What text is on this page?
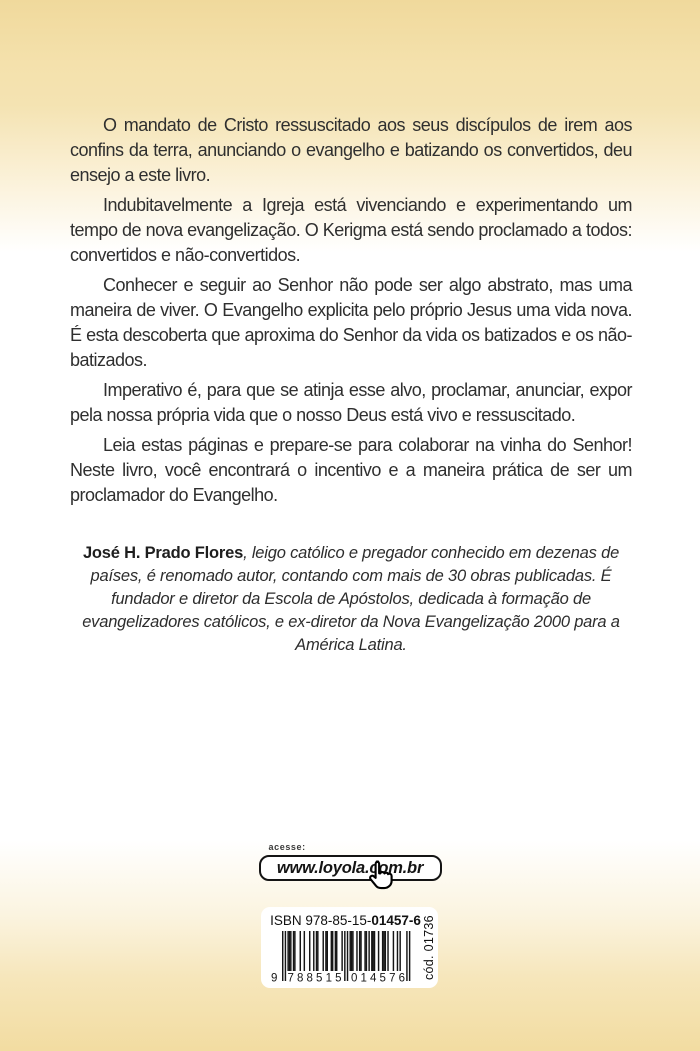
O mandato de Cristo ressuscitado aos seus discípulos de irem aos confins da terra, anunciando o evangelho e batizando os convertidos, deu ensejo a este livro.

Indubitavelmente a Igreja está vivenciando e experimentando um tempo de nova evangelização. O Kerigma está sendo proclamado a todos: convertidos e não-convertidos.

Conhecer e seguir ao Senhor não pode ser algo abstrato, mas uma maneira de viver. O Evangelho explicita pelo próprio Jesus uma vida nova. É esta descoberta que aproxima do Senhor da vida os batizados e os não-batizados.

Imperativo é, para que se atinja esse alvo, proclamar, anunciar, expor pela nossa própria vida que o nosso Deus está vivo e ressuscitado.

Leia estas páginas e prepare-se para colaborar na vinha do Senhor! Neste livro, você encontrará o incentivo e a maneira prática de ser um proclamador do Evangelho.

José H. Prado Flores, leigo católico e pregador conhecido em dezenas de países, é renomado autor, contando com mais de 30 obras publicadas. É fundador e diretor da Escola de Apóstolos, dedicada à formação de evangelizadores católicos, e ex-diretor da Nova Evangelização 2000 para a América Latina.
acesse:
www.loyola.com.br
ISBN 978-85-15-01457-6
9 788515 014576 cód. 01736
